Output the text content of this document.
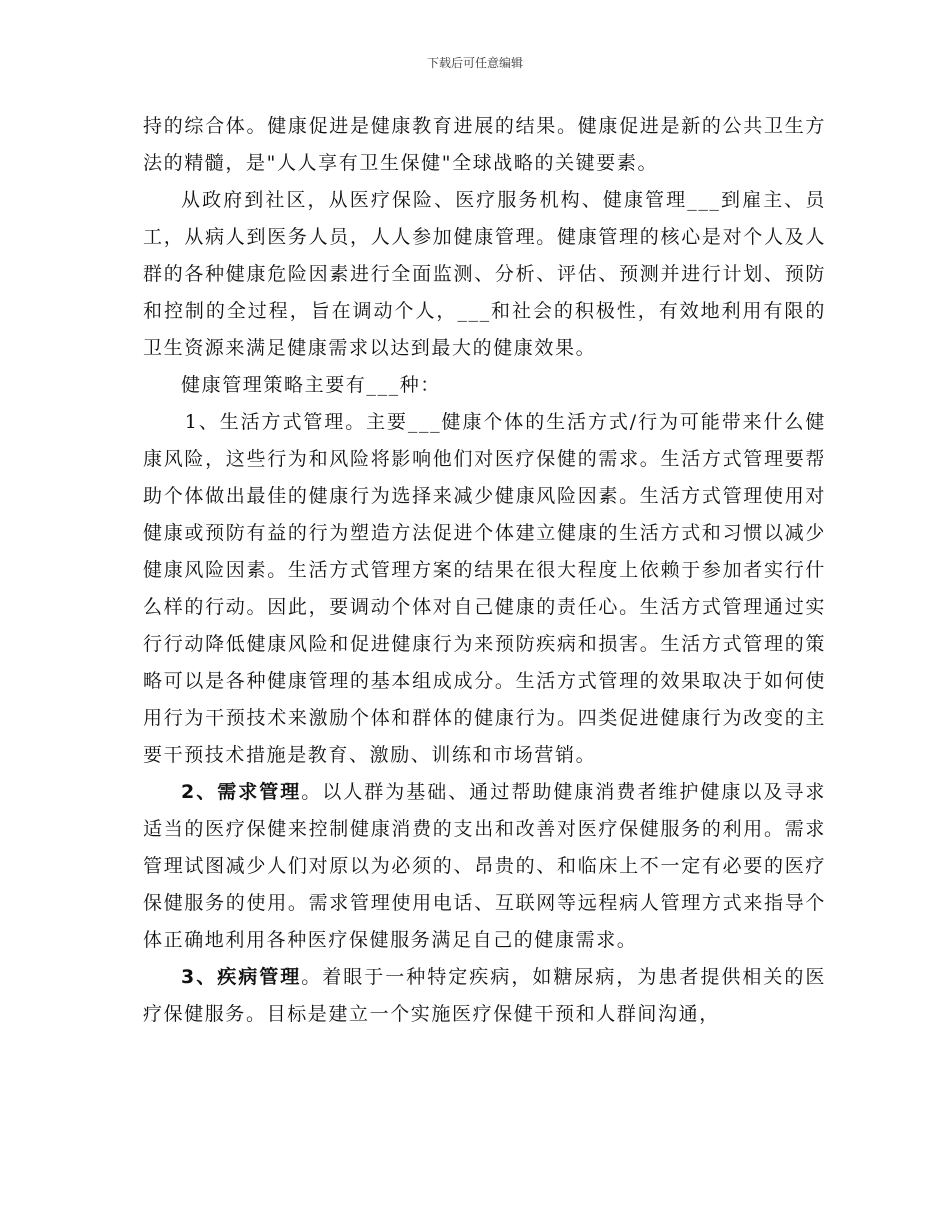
下载后可任意编辑

持的综合体。健康促进是健康教育进展的结果。健康促进是新的公共卫生方法的精髓，是"人人享有卫生保健"全球战略的关键要素。

从政府到社区，从医疗保险、医疗服务机构、健康管理___到雇主、员工，从病人到医务人员，人人参加健康管理。健康管理的核心是对个人及人群的各种健康危险因素进行全面监测、分析、评估、预测并进行计划、预防和控制的全过程，旨在调动个人，___和社会的积极性，有效地利用有限的卫生资源来满足健康需求以达到最大的健康效果。

健康管理策略主要有___种：

1、生活方式管理。主要___健康个体的生活方式/行为可能带来什么健康风险，这些行为和风险将影响他们对医疗保健的需求。生活方式管理要帮助个体做出最佳的健康行为选择来减少健康风险因素。生活方式管理使用对健康或预防有益的行为塑造方法促进个体建立健康的生活方式和习惯以减少健康风险因素。生活方式管理方案的结果在很大程度上依赖于参加者实行什么样的行动。因此，要调动个体对自己健康的责任心。生活方式管理通过实行行动降低健康风险和促进健康行为来预防疾病和损害。生活方式管理的策略可以是各种健康管理的基本组成成分。生活方式管理的效果取决于如何使用行为干预技术来激励个体和群体的健康行为。四类促进健康行为改变的主要干预技术措施是教育、激励、训练和市场营销。

2、需求管理。以人群为基础、通过帮助健康消费者维护健康以及寻求适当的医疗保健来控制健康消费的支出和改善对医疗保健服务的利用。需求管理试图减少人们对原以为必须的、昂贵的、和临床上不一定有必要的医疗保健服务的使用。需求管理使用电话、互联网等远程病人管理方式来指导个体正确地利用各种医疗保健服务满足自己的健康需求。

3、疾病管理。着眼于一种特定疾病，如糖尿病，为患者提供相关的医疗保健服务。目标是建立一个实施医疗保健干预和人群间沟通，
